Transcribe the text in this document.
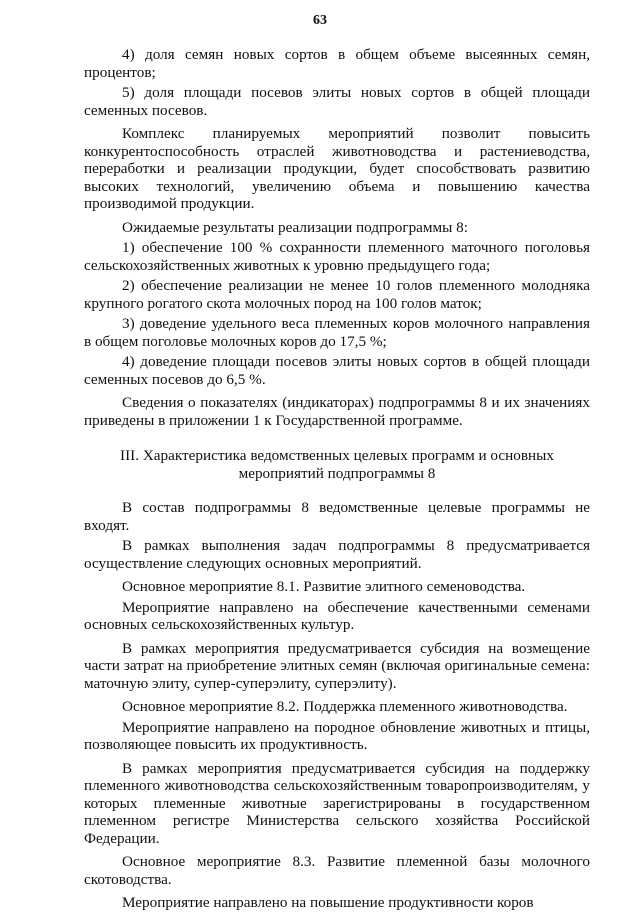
63

4) доля семян новых сортов в общем объеме высеянных семян, процентов;

5) доля площади посевов элиты новых сортов в общей площади семенных посевов.

Комплекс планируемых мероприятий позволит повысить конкурентоспособность отраслей животноводства и растениеводства, переработки и реализации продукции, будет способствовать развитию высоких технологий, увеличению объема и повышению качества производимой продукции.

Ожидаемые результаты реализации подпрограммы 8:

1) обеспечение 100 % сохранности племенного маточного поголовья сельскохозяйственных животных к уровню предыдущего года;

2) обеспечение реализации не менее 10 голов племенного молодняка крупного рогатого скота молочных пород на 100 голов маток;

3) доведение удельного веса племенных коров молочного направления в общем поголовье молочных коров до 17,5 %;

4) доведение площади посевов элиты новых сортов в общей площади семенных посевов до 6,5 %.

Сведения о показателях (индикаторах) подпрограммы 8 и их значениях приведены в приложении 1 к Государственной программе.

III. Характеристика ведомственных целевых программ и основных мероприятий подпрограммы 8

В состав подпрограммы 8 ведомственные целевые программы не входят.

В рамках выполнения задач подпрограммы 8 предусматривается осуществление следующих основных мероприятий.

Основное мероприятие 8.1. Развитие элитного семеноводства.

Мероприятие направлено на обеспечение качественными семенами основных сельскохозяйственных культур.

В рамках мероприятия предусматривается субсидия на возмещение части затрат на приобретение элитных семян (включая оригинальные семена: маточную элиту, супер-суперэлиту, суперэлиту).

Основное мероприятие 8.2. Поддержка племенного животноводства.

Мероприятие направлено на породное обновление животных и птицы, позволяющее повысить их продуктивность.

В рамках мероприятия предусматривается субсидия на поддержку племенного животноводства сельскохозяйственным товаропроизводителям, у которых племенные животные зарегистрированы в государственном племенном регистре Министерства сельского хозяйства Российской Федерации.

Основное мероприятие 8.3. Развитие племенной базы молочного скотоводства.

Мероприятие направлено на повышение продуктивности коров
